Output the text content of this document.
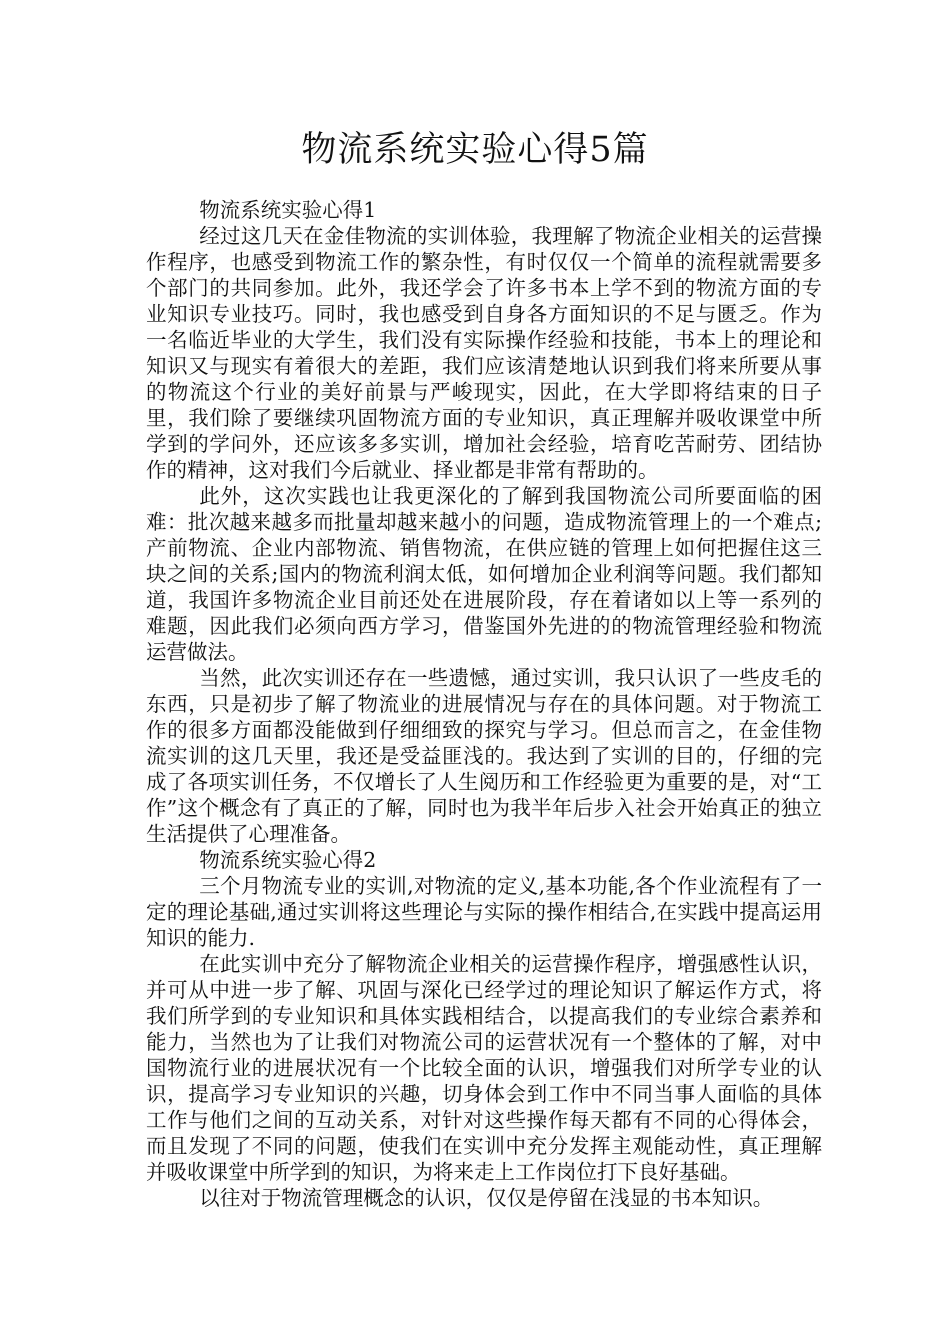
物流系统实验心得5篇

物流系统实验心得1

经过这几天在金佳物流的实训体验，我理解了物流企业相关的运营操作程序，也感受到物流工作的繁杂性，有时仅仅一个简单的流程就需要多个部门的共同参加。此外，我还学会了许多书本上学不到的物流方面的专业知识专业技巧。同时，我也感受到自身各方面知识的不足与匮乏。作为一名临近毕业的大学生，我们没有实际操作经验和技能，书本上的理论和知识又与现实有着很大的差距，我们应该清楚地认识到我们将来所要从事的物流这个行业的美好前景与严峻现实，因此，在大学即将结束的日子里，我们除了要继续巩固物流方面的专业知识，真正理解并吸收课堂中所学到的学问外，还应该多多实训，增加社会经验，培育吃苦耐劳、团结协作的精神，这对我们今后就业、择业都是非常有帮助的。

此外，这次实践也让我更深化的了解到我国物流公司所要面临的困难：批次越来越多而批量却越来越小的问题，造成物流管理上的一个难点;产前物流、企业内部物流、销售物流，在供应链的管理上如何把握住这三块之间的关系;国内的物流利润太低，如何增加企业利润等问题。我们都知道，我国许多物流企业目前还处在进展阶段，存在着诸如以上等一系列的难题，因此我们必须向西方学习，借鉴国外先进的的物流管理经验和物流运营做法。

当然，此次实训还存在一些遗憾，通过实训，我只认识了一些皮毛的东西，只是初步了解了物流业的进展情况与存在的具体问题。对于物流工作的很多方面都没能做到仔细细致的探究与学习。但总而言之，在金佳物流实训的这几天里，我还是受益匪浅的。我达到了实训的目的，仔细的完成了各项实训任务，不仅增长了人生阅历和工作经验更为重要的是，对“工作”这个概念有了真正的了解，同时也为我半年后步入社会开始真正的独立生活提供了心理准备。

物流系统实验心得2

三个月物流专业的实训,对物流的定义,基本功能,各个作业流程有了一定的理论基础,通过实训将这些理论与实际的操作相结合,在实践中提高运用知识的能力.

在此实训中充分了解物流企业相关的运营操作程序，增强感性认识，并可从中进一步了解、巩固与深化已经学过的理论知识了解运作方式，将我们所学到的专业知识和具体实践相结合，以提高我们的专业综合素养和能力，当然也为了让我们对物流公司的运营状况有一个整体的了解，对中国物流行业的进展状况有一个比较全面的认识，增强我们对所学专业的认识，提高学习专业知识的兴趣，切身体会到工作中不同当事人面临的具体工作与他们之间的互动关系，对针对这些操作每天都有不同的心得体会，而且发现了不同的问题，使我们在实训中充分发挥主观能动性，真正理解并吸收课堂中所学到的知识，为将来走上工作岗位打下良好基础。

以往对于物流管理概念的认识，仅仅是停留在浅显的书本知识。
